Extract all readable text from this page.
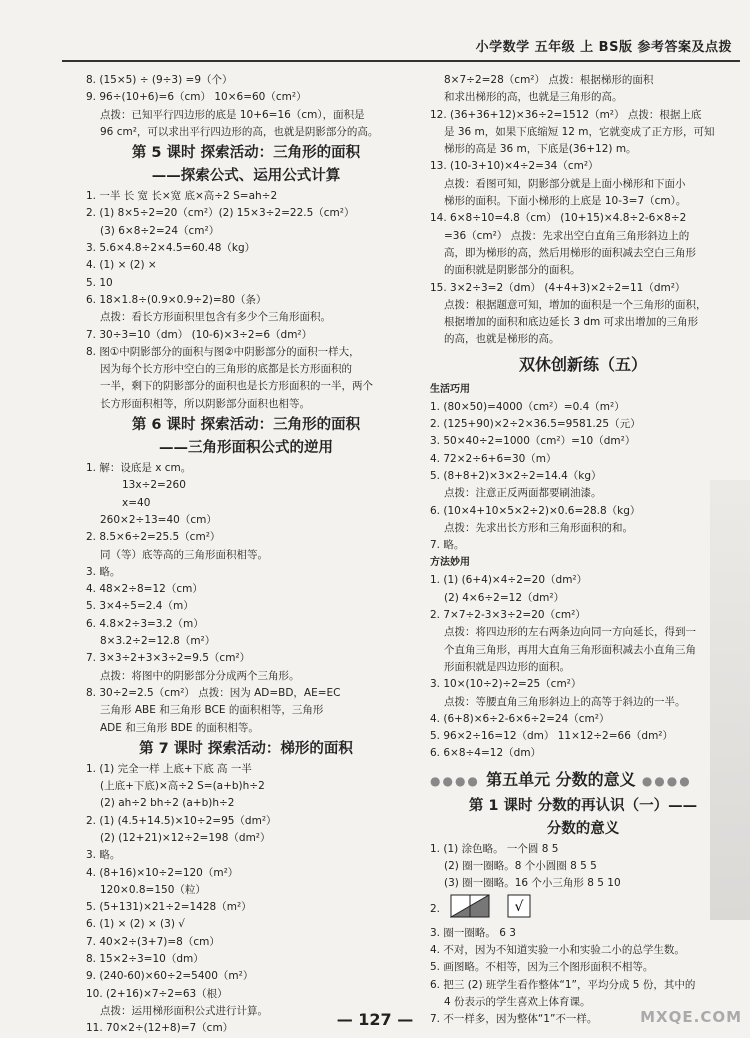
小学数学 五年级 上 BS版 参考答案及点拨
8. (15×5) ÷ (9÷3) =9（个）
9. 96÷(10+6)=6（cm） 10×6=60（cm²）
点拨：已知平行四边形的底是 10+6=16（cm），面积是
96 cm²，可以求出平行四边形的高，也就是阴影部分的高。
第 5 课时 探索活动：三角形的面积
——探索公式、运用公式计算
1. 一半 长 宽 长×宽 底×高÷2 S=ah÷2
2. (1) 8×5÷2=20（cm²）(2) 15×3÷2=22.5（cm²）
(3) 6×8÷2=24（cm²）
3. 5.6×4.8÷2×4.5=60.48（kg）
4. (1) × (2) ×
5. 10
6. 18×1.8÷(0.9×0.9÷2)=80（条）
点拨：看长方形面积里包含有多少个三角形面积。
7. 30÷3=10（dm） (10-6)×3÷2=6（dm²）
8. 图①中阴影部分的面积与图②中阴影部分的面积一样大，
因为每个长方形中空白的三角形的底都是长方形面积的
一半，剩下的阴影部分的面积也是长方形面积的一半，两个
长方形面积相等，所以阴影部分面积也相等。
第 6 课时 探索活动：三角形的面积
——三角形面积公式的逆用
1. 解：设底是 x cm。
13x÷2=260
x=40
260×2÷13=40（cm）
2. 8.5×6÷2=25.5（cm²）
同（等）底等高的三角形面积相等。
3. 略。
4. 48×2÷8=12（cm）
5. 3×4÷5=2.4（m）
6. 4.8×2÷3=3.2（m）
8×3.2÷2=12.8（m²）
7. 3×3÷2+3×3÷2=9.5（cm²）
点拨：将图中的阴影部分分成两个三角形。
8. 30÷2=2.5（cm²） 点拨：因为 AD=BD，AE=EC
三角形 ABE 和三角形 BCE 的面积相等，三角形
ADE 和三角形 BDE 的面积相等。
第 7 课时 探索活动：梯形的面积
1. (1) 完全一样 上底+下底 高 一半
(上底+下底)×高÷2 S=(a+b)h÷2
(2) ah÷2 bh÷2 (a+b)h÷2
2. (1) (4.5+14.5)×10÷2=95（dm²）
(2) (12+21)×12÷2=198（dm²）
3. 略。
4. (8+16)×10÷2=120（m²）
120×0.8=150（粒）
5. (5+131)×21÷2=1428（m²）
6. (1) × (2) × (3) √
7. 40×2÷(3+7)=8（cm）
8. 15×2÷3=10（dm）
9. (240-60)×60÷2=5400（m²）
10. (2+16)×7÷2=63（根）
点拨：运用梯形面积公式进行计算。
11. 70×2÷(12+8)=7（cm）
8×7÷2=28（cm²） 点拨：根据梯形的面积
和求出梯形的高，也就是三角形的高。
12. (36+36+12)×36÷2=1512（m²） 点拨：根据上底
是 36 m，如果下底缩短 12 m，它就变成了正方形，可知
梯形的高是 36 m，下底是(36+12) m。
13. (10-3+10)×4÷2=34（cm²）
点拨：看图可知，阴影部分就是上面小梯形和下面小
梯形的面积。下面小梯形的上底是 10-3=7（cm）。
14. 6×8÷10=4.8（cm） (10+15)×4.8÷2-6×8÷2
=36（cm²） 点拨：先求出空白直角三角形斜边上的
高，即为梯形的高，然后用梯形的面积减去空白三角形
的面积就是阴影部分的面积。
15. 3×2÷3=2（dm） (4+4+3)×2÷2=11（dm²）
点拨：根据题意可知，增加的面积是一个三角形的面积，
根据增加的面积和底边延长 3 dm 可求出增加的三角形
的高，也就是梯形的高。
双休创新练（五）
生活巧用
1. (80×50)=4000（cm²）=0.4（m²）
2. (125+90)×2÷2×36.5=9581.25（元）
3. 50×40÷2=1000（cm²）=10（dm²）
4. 72×2÷6+6=30（m）
5. (8+8+2)×3×2÷2=14.4（kg）
点拨：注意正反两面都要刷油漆。
6. (10×4+10×5×2÷2)×0.6=28.8（kg）
点拨：先求出长方形和三角形面积的和。
7. 略。
方法妙用
1. (1) (6+4)×4÷2=20（dm²）
(2) 4×6÷2=12（dm²）
2. 7×7÷2-3×3÷2=20（cm²）
点拨：将四边形的左右两条边向同一方向延长，得到一
个直角三角形，再用大直角三角形面积减去小直角三角
形面积就是四边形的面积。
3. 10×(10÷2)÷2=25（cm²）
点拨：等腰直角三角形斜边上的高等于斜边的一半。
4. (6+8)×6÷2-6×6÷2=24（cm²）
5. 96×2÷16=12（dm） 11×12÷2=66（dm²）
6. 6×8÷4=12（dm）
●●●● 第五单元 分数的意义 ●●●●
第 1 课时 分数的再认识（一）——
分数的意义
1. (1) 涂色略。 一个圆 8 5
(2) 圈一圈略。8 个小圆圈 8 5 5
(3) 圈一圈略。16 个小三角形 8 5 10
2.	√
3. 圈一圈略。 6 3
4. 不对，因为不知道实验一小和实验二小的总学生数。
5. 画图略。不相等，因为三个图形面积不相等。
6. 把三 (2) 班学生看作整体“1”，平均分成 5 份，其中的
4 份表示的学生喜欢上体育课。
7. 不一样多，因为整体“1”不一样。
— 127 —	MXQE.COM
